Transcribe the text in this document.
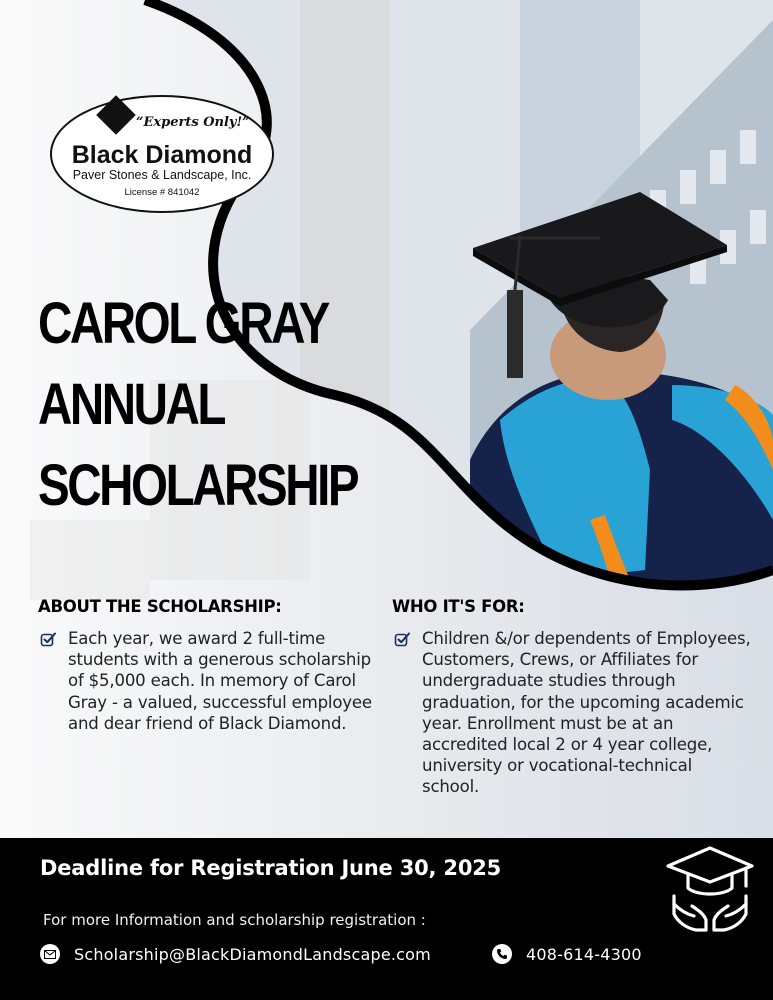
“Experts Only!”
Black Diamond
Paver Stones & Landscape, Inc.
License # 841042
CAROL GRAY
ANNUAL
SCHOLARSHIP
ABOUT THE SCHOLARSHIP:
Each year, we award 2 full-time students with a generous scholarship of $5,000 each. In memory of Carol Gray - a valued, successful employee and dear friend of Black Diamond.
WHO IT'S FOR:
Children &/or dependents of Employees, Customers, Crews, or Affiliates for undergraduate studies through graduation, for the upcoming academic year. Enrollment must be at an accredited local 2 or 4 year college, university or vocational-technical school.
Deadline for Registration June 30, 2025
For more Information and scholarship registration :
Scholarship@BlackDiamondLandscape.com	408-614-4300
